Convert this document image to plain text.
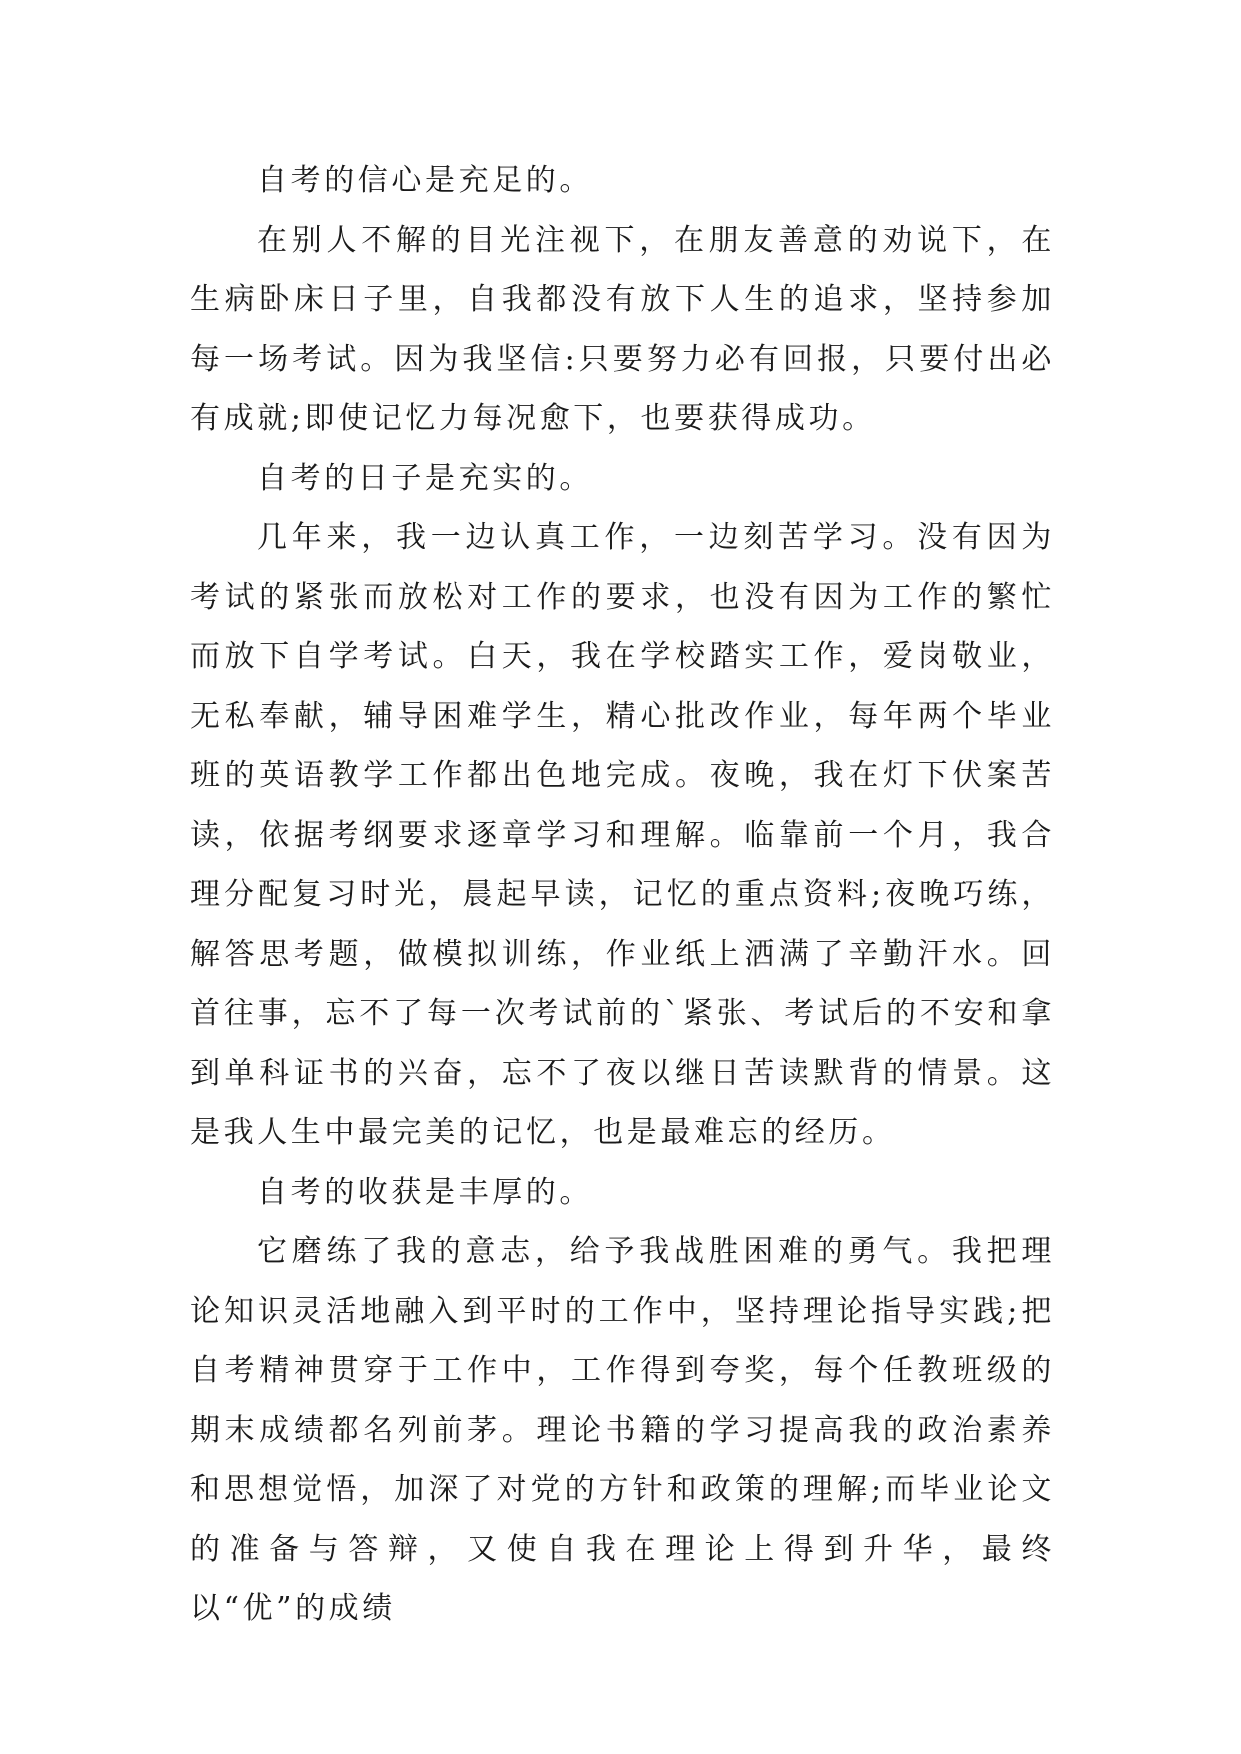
自考的信心是充足的。

在别人不解的目光注视下，在朋友善意的劝说下，在生病卧床日子里，自我都没有放下人生的追求，坚持参加每一场考试。因为我坚信:只要努力必有回报，只要付出必有成就;即使记忆力每况愈下，也要获得成功。

自考的日子是充实的。

几年来，我一边认真工作，一边刻苦学习。没有因为考试的紧张而放松对工作的要求，也没有因为工作的繁忙而放下自学考试。白天，我在学校踏实工作，爱岗敬业，无私奉献，辅导困难学生，精心批改作业，每年两个毕业班的英语教学工作都出色地完成。夜晚，我在灯下伏案苦读，依据考纲要求逐章学习和理解。临靠前一个月，我合理分配复习时光，晨起早读，记忆的重点资料;夜晚巧练，解答思考题，做模拟训练，作业纸上洒满了辛勤汗水。回首往事，忘不了每一次考试前的`紧张、考试后的不安和拿到单科证书的兴奋，忘不了夜以继日苦读默背的情景。这是我人生中最完美的记忆，也是最难忘的经历。

自考的收获是丰厚的。

它磨练了我的意志，给予我战胜困难的勇气。我把理论知识灵活地融入到平时的工作中，坚持理论指导实践;把自考精神贯穿于工作中，工作得到夸奖，每个任教班级的期末成绩都名列前茅。理论书籍的学习提高我的政治素养和思想觉悟，加深了对党的方针和政策的理解;而毕业论文的准备与答辩，又使自我在理论上得到升华，最终以“优”的成绩
